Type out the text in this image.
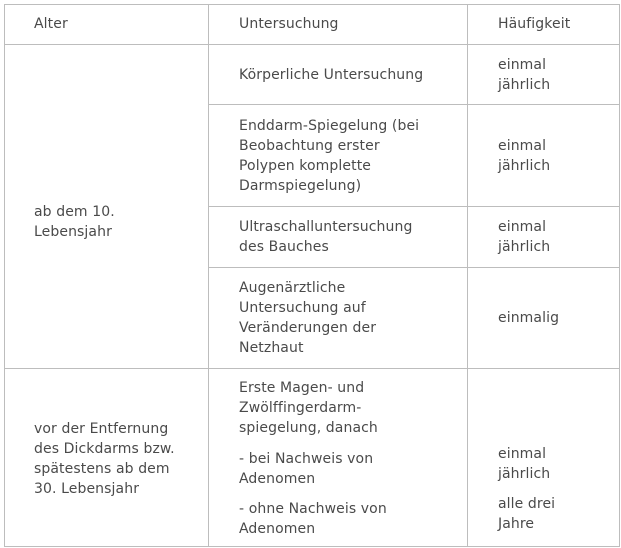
Alter	Untersuchung	Häufigkeit
ab dem 10.
Lebensjahr
Körperliche Untersuchung
einmal
jährlich
Enddarm-Spiegelung (bei
Beobachtung erster
Polypen komplette
Darmspiegelung)
einmal
jährlich
Ultraschalluntersuchung
des Bauches
einmal
jährlich
Augenärztliche
Untersuchung auf
Veränderungen der
Netzhaut
einmalig
vor der Entfernung
des Dickdarms bzw.
spätestens ab dem
30. Lebensjahr
Erste Magen- und
Zwölffingerdarm-
spiegelung, danach
- bei Nachweis von
Adenomen
- ohne Nachweis von
Adenomen
einmal
jährlich
alle drei
Jahre
